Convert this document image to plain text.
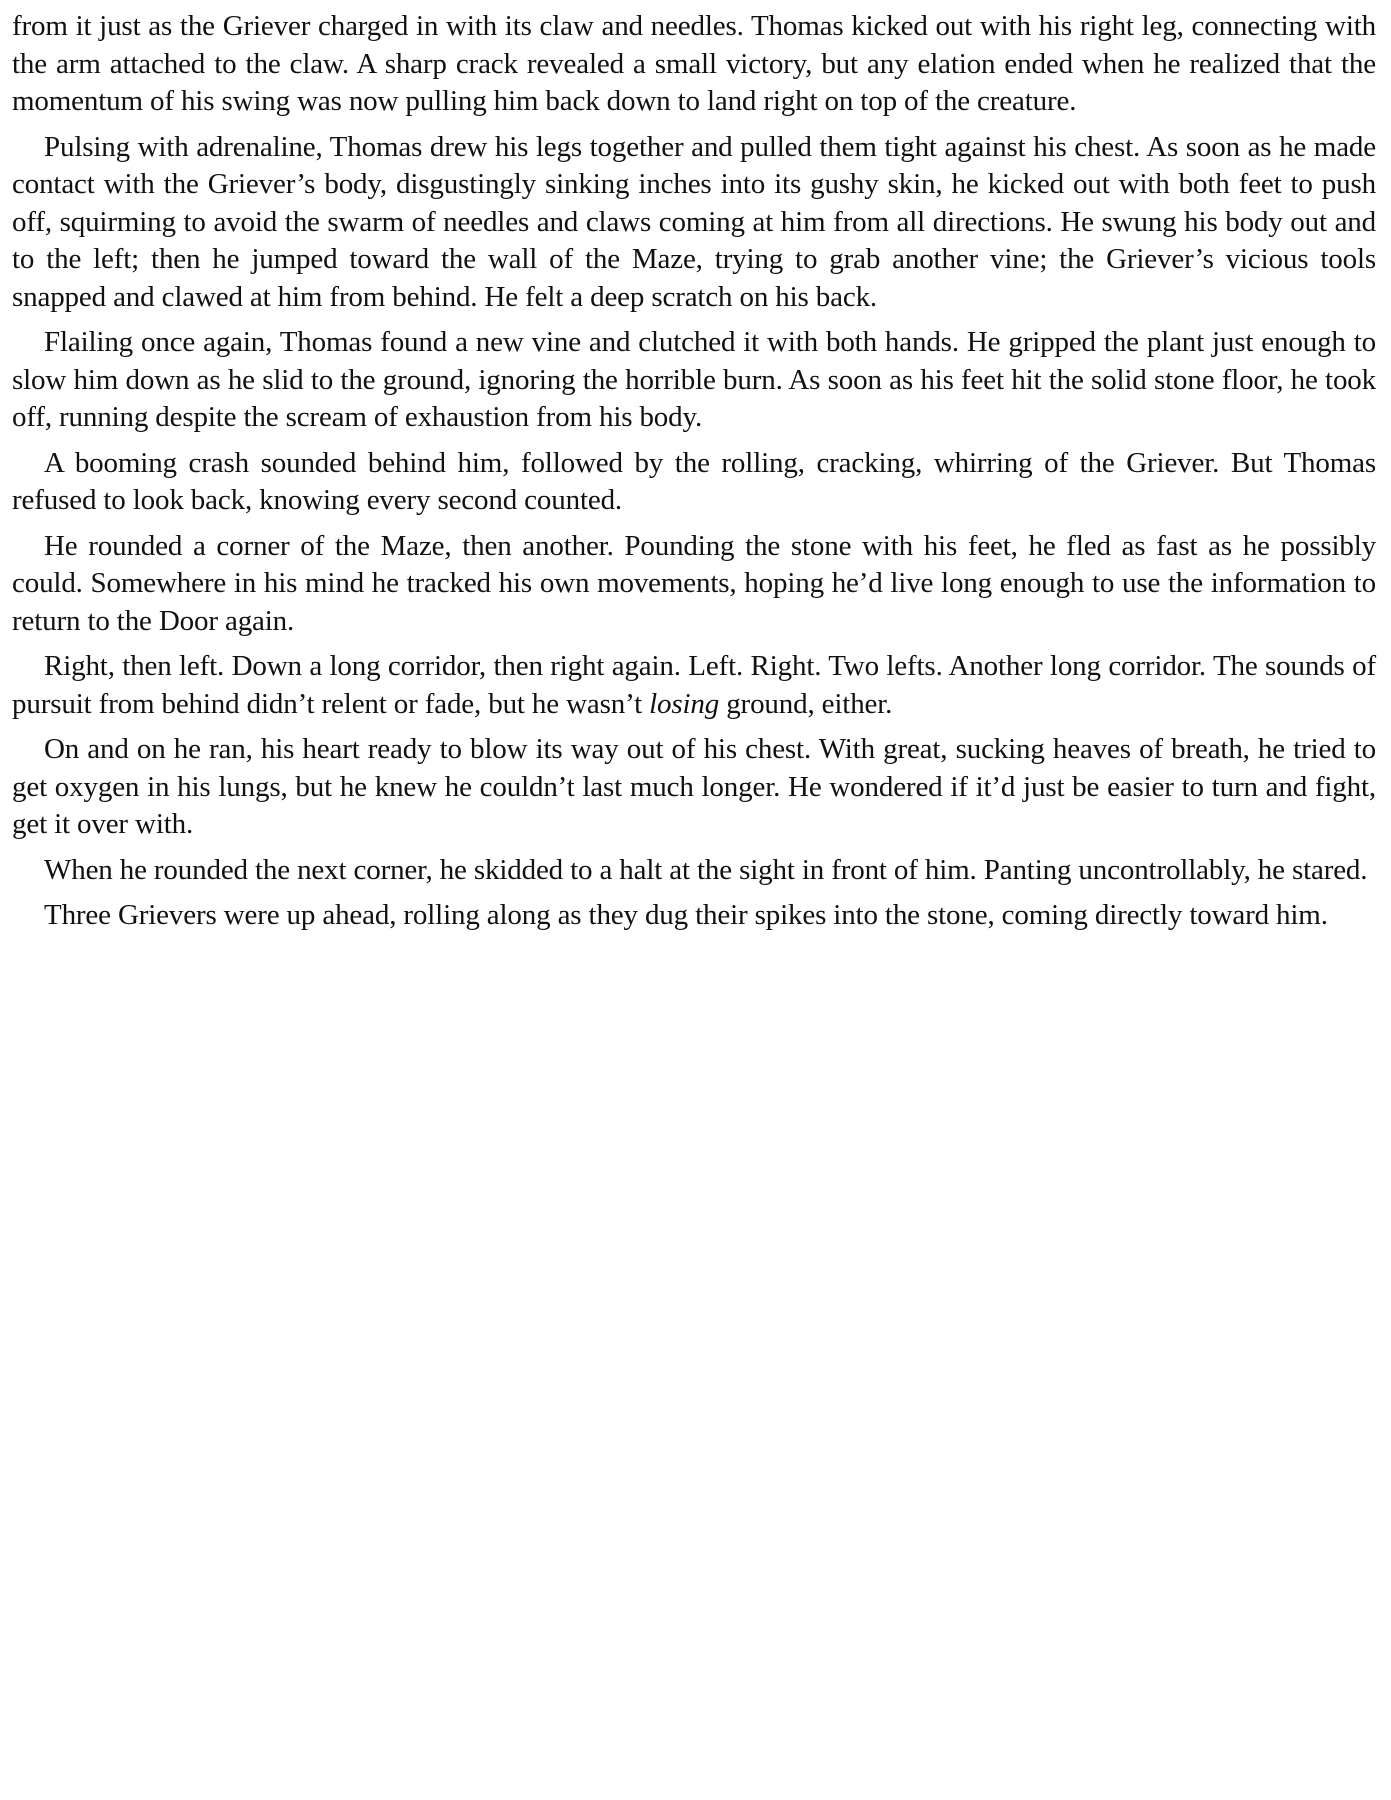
from it just as the Griever charged in with its claw and needles. Thomas kicked out with his right leg, connecting with the arm attached to the claw. A sharp crack revealed a small victory, but any elation ended when he realized that the momentum of his swing was now pulling him back down to land right on top of the creature.

Pulsing with adrenaline, Thomas drew his legs together and pulled them tight against his chest. As soon as he made contact with the Griever’s body, disgustingly sinking inches into its gushy skin, he kicked out with both feet to push off, squirming to avoid the swarm of needles and claws coming at him from all directions. He swung his body out and to the left; then he jumped toward the wall of the Maze, trying to grab another vine; the Griever’s vicious tools snapped and clawed at him from behind. He felt a deep scratch on his back.

Flailing once again, Thomas found a new vine and clutched it with both hands. He gripped the plant just enough to slow him down as he slid to the ground, ignoring the horrible burn. As soon as his feet hit the solid stone floor, he took off, running despite the scream of exhaustion from his body.

A booming crash sounded behind him, followed by the rolling, cracking, whirring of the Griever. But Thomas refused to look back, knowing every second counted.

He rounded a corner of the Maze, then another. Pounding the stone with his feet, he fled as fast as he possibly could. Somewhere in his mind he tracked his own movements, hoping he’d live long enough to use the information to return to the Door again.

Right, then left. Down a long corridor, then right again. Left. Right. Two lefts. Another long corridor. The sounds of pursuit from behind didn’t relent or fade, but he wasn’t losing ground, either.

On and on he ran, his heart ready to blow its way out of his chest. With great, sucking heaves of breath, he tried to get oxygen in his lungs, but he knew he couldn’t last much longer. He wondered if it’d just be easier to turn and fight, get it over with.

When he rounded the next corner, he skidded to a halt at the sight in front of him. Panting uncontrollably, he stared.

Three Grievers were up ahead, rolling along as they dug their spikes into the stone, coming directly toward him.
